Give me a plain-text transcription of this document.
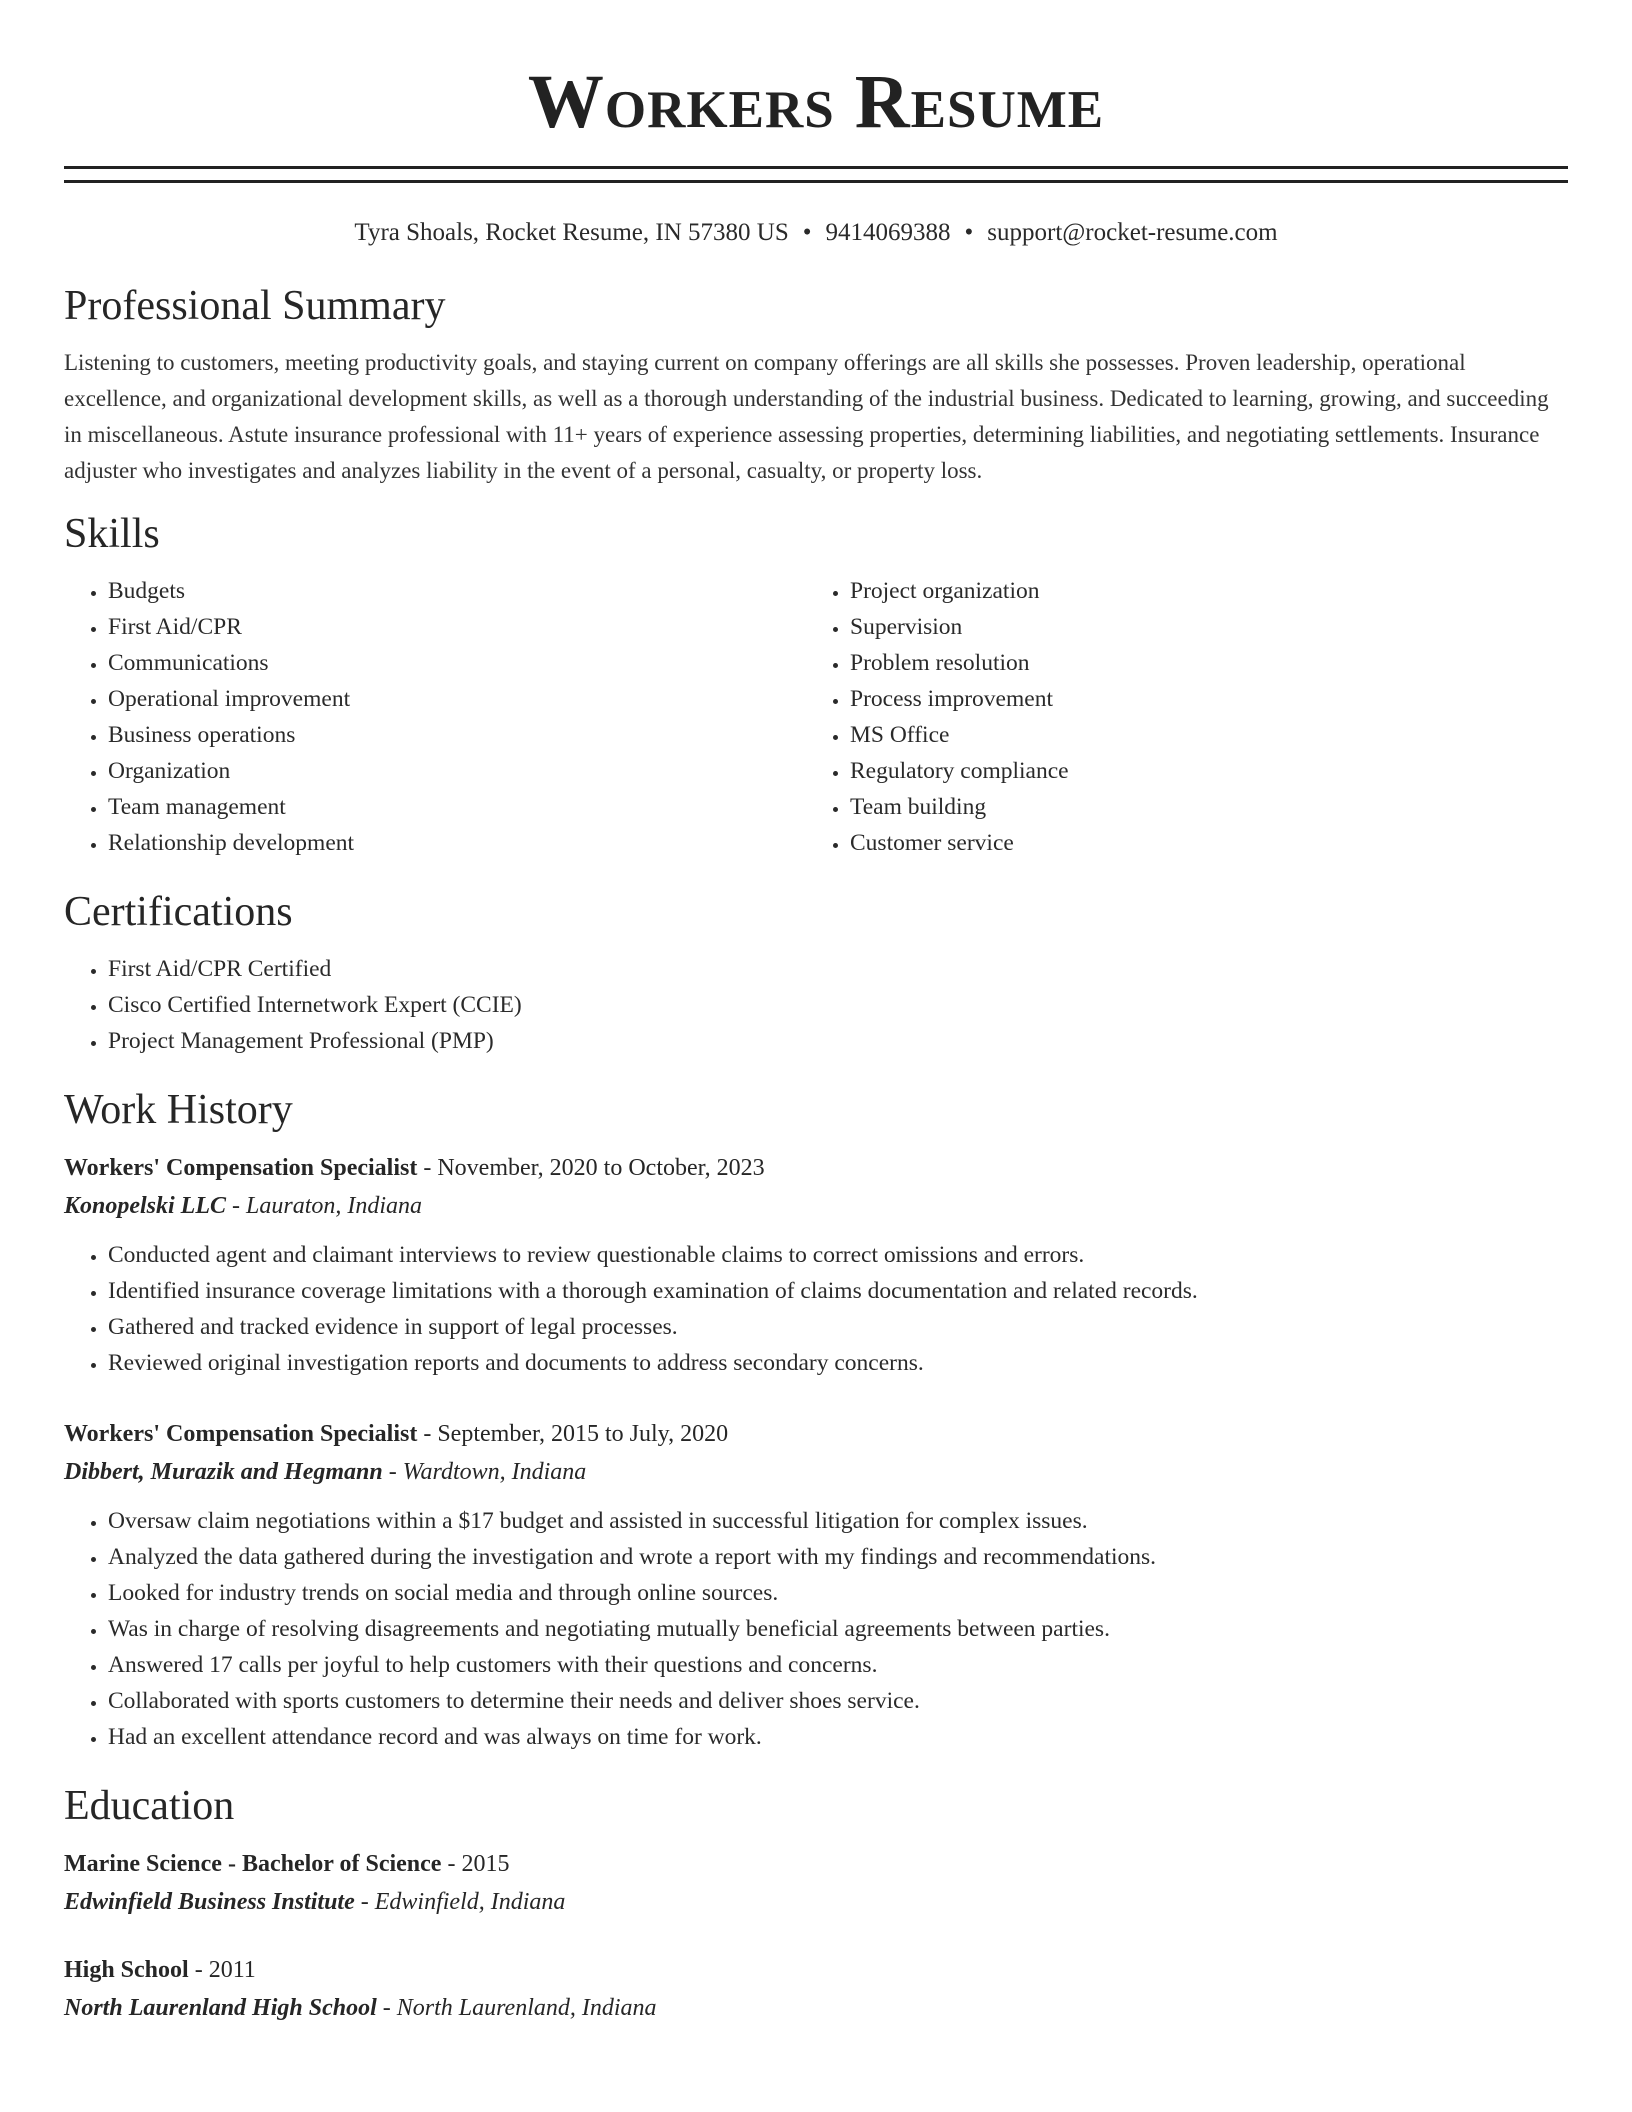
Workers Resume
Tyra Shoals, Rocket Resume, IN 57380 US • 9414069388 • support@rocket-resume.com
Professional Summary
Listening to customers, meeting productivity goals, and staying current on company offerings are all skills she possesses. Proven leadership, operational excellence, and organizational development skills, as well as a thorough understanding of the industrial business. Dedicated to learning, growing, and succeeding in miscellaneous. Astute insurance professional with 11+ years of experience assessing properties, determining liabilities, and negotiating settlements. Insurance adjuster who investigates and analyzes liability in the event of a personal, casualty, or property loss.
Skills
• Budgets
• First Aid/CPR
• Communications
• Operational improvement
• Business operations
• Organization
• Team management
• Relationship development
• Project organization
• Supervision
• Problem resolution
• Process improvement
• MS Office
• Regulatory compliance
• Team building
• Customer service
Certifications
• First Aid/CPR Certified
• Cisco Certified Internetwork Expert (CCIE)
• Project Management Professional (PMP)
Work History
Workers' Compensation Specialist - November, 2020 to October, 2023
Konopelski LLC - Lauraton, Indiana
• Conducted agent and claimant interviews to review questionable claims to correct omissions and errors.
• Identified insurance coverage limitations with a thorough examination of claims documentation and related records.
• Gathered and tracked evidence in support of legal processes.
• Reviewed original investigation reports and documents to address secondary concerns.
Workers' Compensation Specialist - September, 2015 to July, 2020
Dibbert, Murazik and Hegmann - Wardtown, Indiana
• Oversaw claim negotiations within a $17 budget and assisted in successful litigation for complex issues.
• Analyzed the data gathered during the investigation and wrote a report with my findings and recommendations.
• Looked for industry trends on social media and through online sources.
• Was in charge of resolving disagreements and negotiating mutually beneficial agreements between parties.
• Answered 17 calls per joyful to help customers with their questions and concerns.
• Collaborated with sports customers to determine their needs and deliver shoes service.
• Had an excellent attendance record and was always on time for work.
Education
Marine Science - Bachelor of Science - 2015
Edwinfield Business Institute - Edwinfield, Indiana
High School - 2011
North Laurenland High School - North Laurenland, Indiana
